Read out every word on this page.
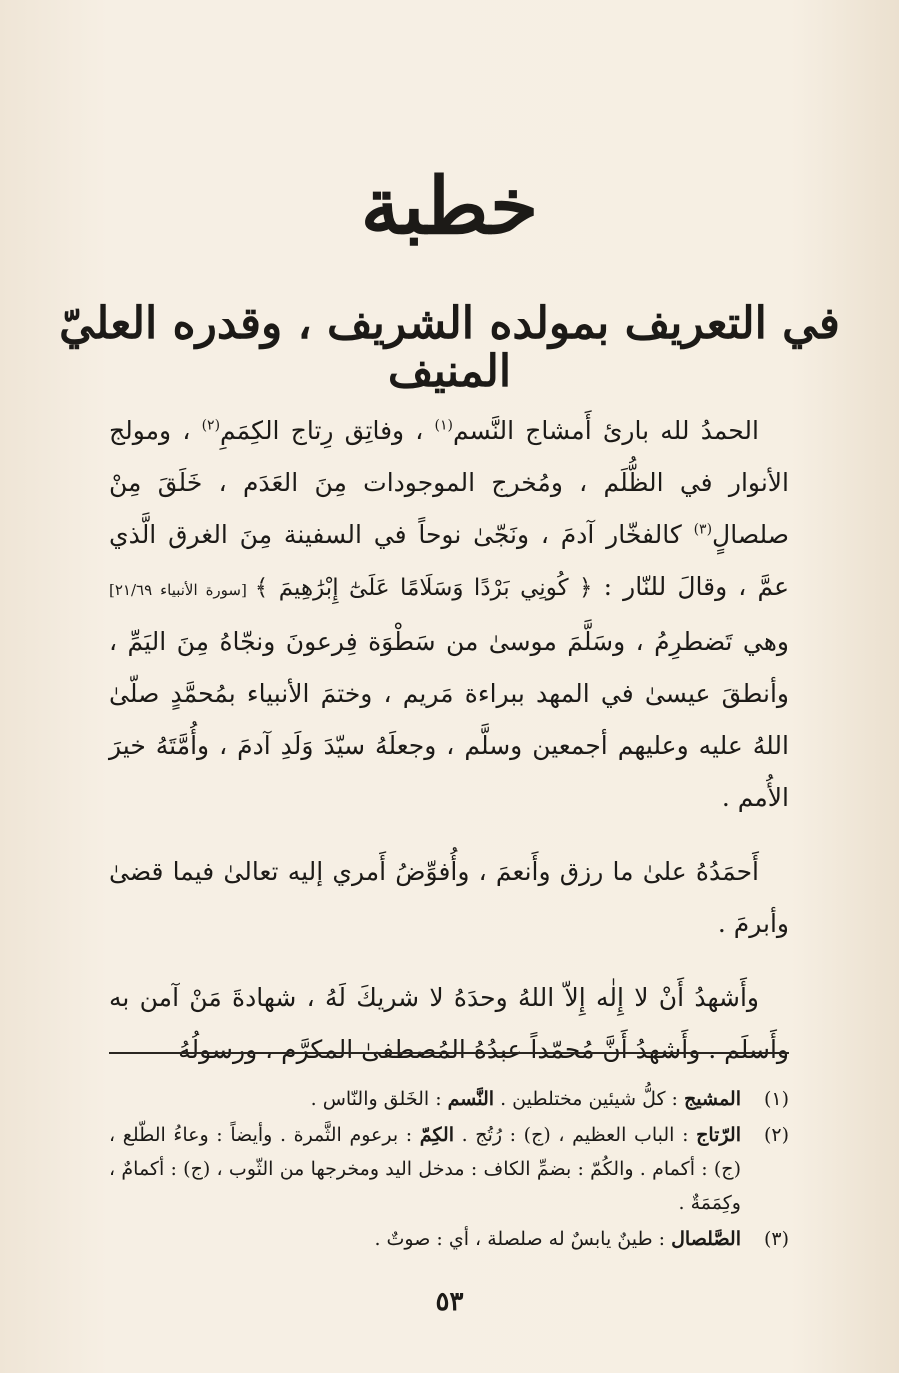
خطبة
في التعريف بمولده الشريف ، وقدره العليّ المنيف

الحمدُ لله بارئ أَمشاج النَّسم$^{(١)}$ ، وفاتِق رِتاج الكِمَمِ$^{(٢)}$ ، ومولج الأنوار في الظُّلَم ، ومُخرج الموجودات مِنَ العَدَم ، خَلَقَ مِنْ صلصالٍ$^{(٣)}$ كالفخّار آدمَ ، ونَجّىٰ نوحاً في السفينة مِنَ الغرق الَّذي عمَّ ، وقالَ للنّار : ﴿ كُونِي بَرْدًا وَسَلَامًا عَلَىٰٓ إِبْرَٰهِيمَ ﴾ [سورة الأنبياء ٢١/٦٩] وهي تَضطرِمُ ، وسَلَّمَ موسىٰ من سَطْوَة فِرعونَ ونجّاهُ مِنَ اليَمِّ ، وأنطقَ عيسىٰ في المهد ببراءة مَريم ، وختمَ الأنبياء بمُحمَّدٍ صلّىٰ اللهُ عليه وعليهم أجمعين وسلَّم ، وجعلَهُ سيّدَ وَلَدِ آدمَ ، وأُمَّتَهُ خيرَ الأُمم .

أَحمَدُهُ علىٰ ما رزق وأَنعمَ ، وأُفوِّضُ أَمري إليه تعالىٰ فيما قضىٰ وأبرمَ .

وأَشهدُ أَنْ لا إِلٰه إِلاّ اللهُ وحدَهُ لا شريكَ لَهُ ، شهادةَ مَنْ آمن به وأَسلَم . وأَشهدُ أَنَّ مُحمّداً عبدُهُ المُصطفىٰ المكرَّم ، ورسولُهُ

(١)
المشيج : كلُّ شيئين مختلطين . النَّسم : الخَلق والنّاس .
(٢)
الرّتاج : الباب العظيم ، (ج) : رُتُج . الكِمّ : برعوم الثَّمرة . وأيضاً : وعاءُ الطّلع ، (ج) : أكمام . والكُمّ : بضمِّ الكاف : مدخل اليد ومخرجها من الثّوب ، (ج) : أكمامٌ ، وكِمَمَةٌ .
(٣)
الصَّلصال : طينٌ يابسٌ له صلصلة ، أي : صوتٌ .
٥٣
